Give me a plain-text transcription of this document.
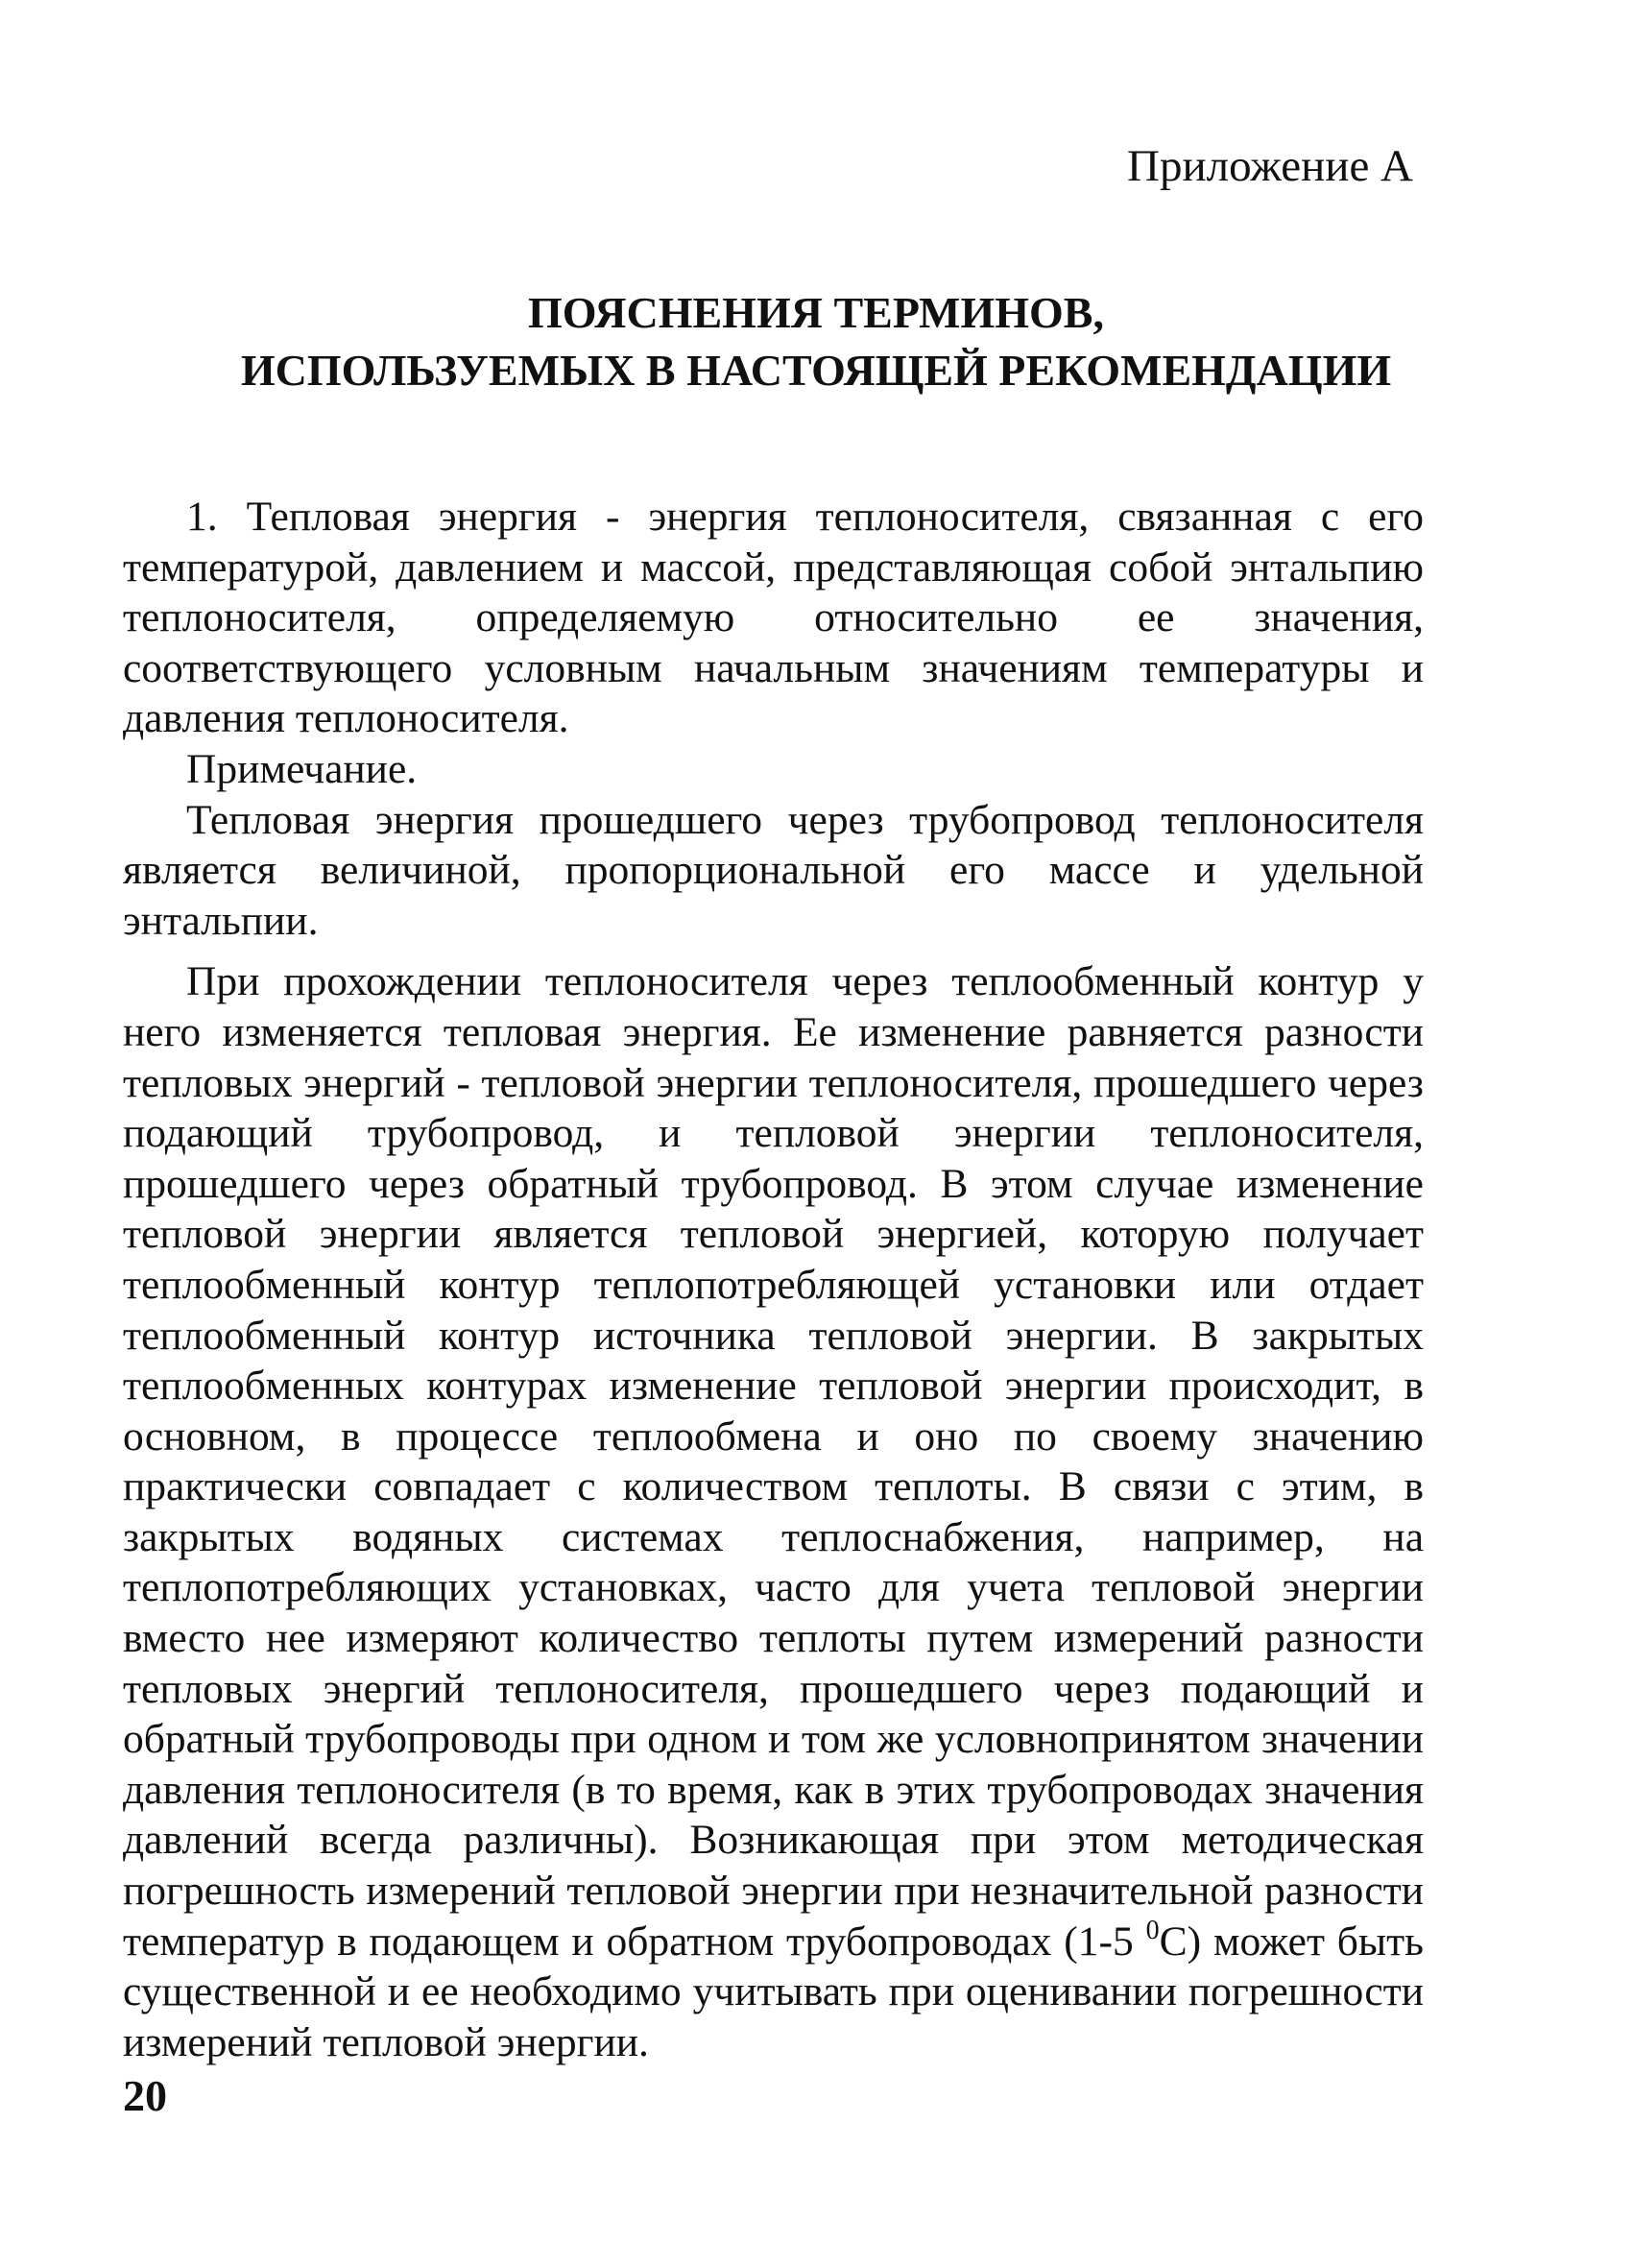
Приложение А
ПОЯСНЕНИЯ ТЕРМИНОВ,
ИСПОЛЬЗУЕМЫХ В НАСТОЯЩЕЙ РЕКОМЕНДАЦИИ

1. Тепловая энергия - энергия теплоносителя, связанная с его температурой, давлением и массой, представляющая собой энтальпию теплоносителя, определяемую относительно ее значения, соответствующего условным начальным значениям температуры и давления теплоносителя.

Примечание.

Тепловая энергия прошедшего через трубопровод теплоносителя является величиной, пропорциональной его массе и удельной энтальпии.

При прохождении теплоносителя через теплообменный контур у него изменяется тепловая энергия. Ее изменение равняется разности тепловых энергий - тепловой энергии теплоносителя, прошедшего через подающий трубопровод, и тепловой энергии теплоносителя, прошедшего через обратный трубопровод. В этом случае изменение тепловой энергии является тепловой энергией, которую получает теплообменный контур теплопотребляющей установки или отдает теплообменный контур источника тепловой энергии. В закрытых теплообменных контурах изменение тепловой энергии происходит, в основном, в процессе теплообмена и оно по своему значению практически совпадает с количеством теплоты. В связи с этим, в закрытых водяных системах теплоснабжения, например, на теплопотребляющих установках, часто для учета тепловой энергии вместо нее измеряют количество теплоты путем измерений разности тепловых энергий теплоносителя, прошедшего через подающий и обратный трубопроводы при одном и том же условнопринятом значении давления теплоносителя (в то время, как в этих трубопроводах значения давлений всегда различны). Возникающая при этом методическая погрешность измерений тепловой энергии при незначительной разности температур в подающем и обратном трубопроводах (1-5 $^0$С) может быть существенной и ее необходимо учитывать при оценивании погрешности измерений тепловой энергии.

20
